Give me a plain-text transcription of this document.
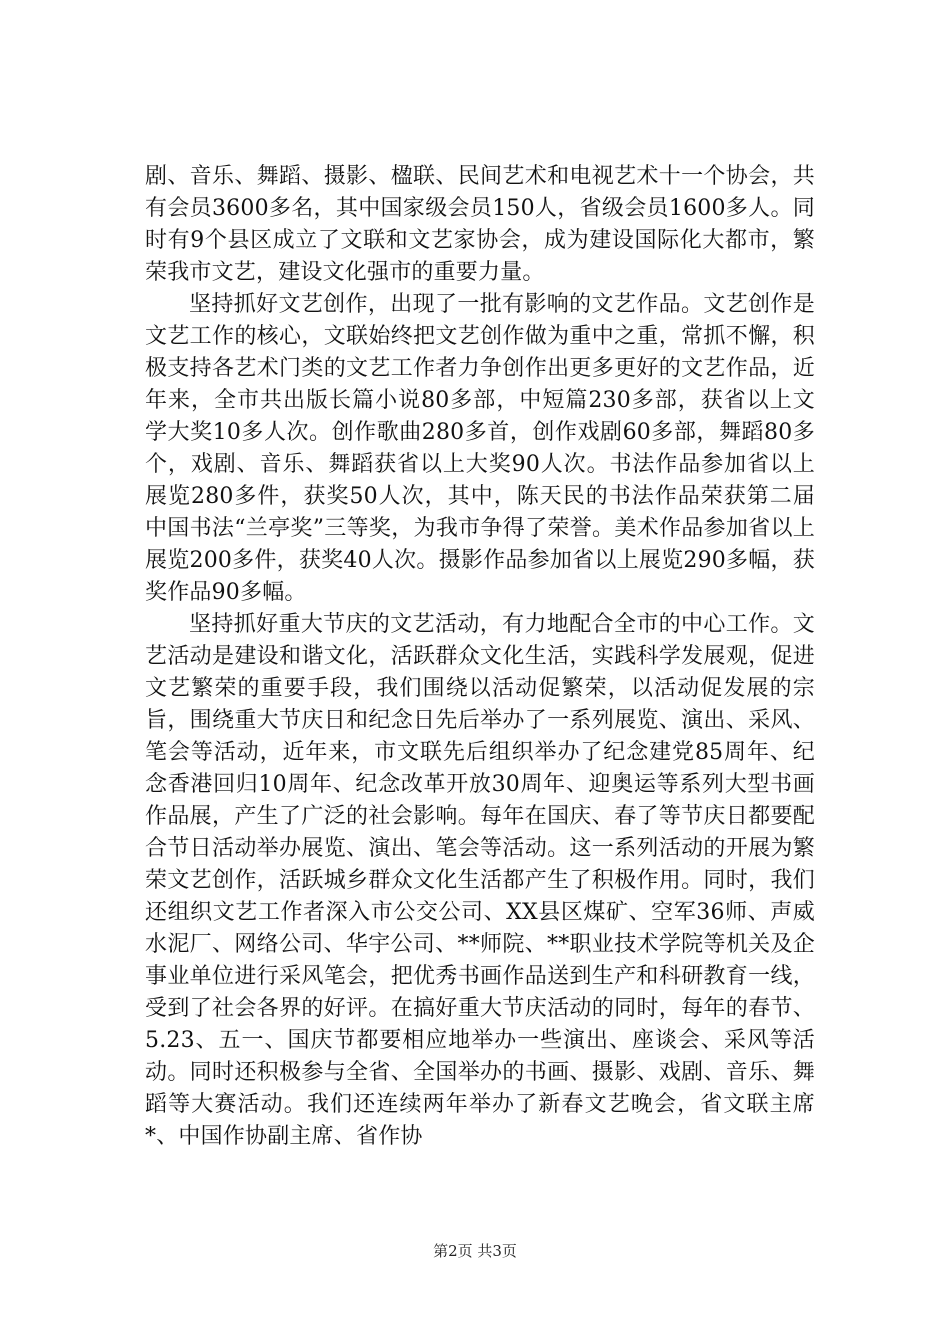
剧、音乐、舞蹈、摄影、楹联、民间艺术和电视艺术十一个协会，共有会员3600多名，其中国家级会员150人，省级会员1600多人。同时有9个县区成立了文联和文艺家协会，成为建设国际化大都市，繁荣我市文艺，建设文化强市的重要力量。

坚持抓好文艺创作，出现了一批有影响的文艺作品。文艺创作是文艺工作的核心，文联始终把文艺创作做为重中之重，常抓不懈，积极支持各艺术门类的文艺工作者力争创作出更多更好的文艺作品，近年来，全市共出版长篇小说80多部，中短篇230多部，获省以上文学大奖10多人次。创作歌曲280多首，创作戏剧60多部，舞蹈80多个，戏剧、音乐、舞蹈获省以上大奖90人次。书法作品参加省以上展览280多件，获奖50人次，其中，陈天民的书法作品荣获第二届中国书法“兰亭奖”三等奖，为我市争得了荣誉。美术作品参加省以上展览200多件，获奖40人次。摄影作品参加省以上展览290多幅，获奖作品90多幅。

坚持抓好重大节庆的文艺活动，有力地配合全市的中心工作。文艺活动是建设和谐文化，活跃群众文化生活，实践科学发展观，促进文艺繁荣的重要手段，我们围绕以活动促繁荣，以活动促发展的宗旨，围绕重大节庆日和纪念日先后举办了一系列展览、演出、采风、笔会等活动，近年来，市文联先后组织举办了纪念建党85周年、纪念香港回归10周年、纪念改革开放30周年、迎奥运等系列大型书画作品展，产生了广泛的社会影响。每年在国庆、春了等节庆日都要配合节日活动举办展览、演出、笔会等活动。这一系列活动的开展为繁荣文艺创作，活跃城乡群众文化生活都产生了积极作用。同时，我们还组织文艺工作者深入市公交公司、XX县区煤矿、空军36师、声威水泥厂、网络公司、华宇公司、**师院、**职业技术学院等机关及企事业单位进行采风笔会，把优秀书画作品送到生产和科研教育一线，受到了社会各界的好评。在搞好重大节庆活动的同时，每年的春节、5.23、五一、国庆节都要相应地举办一些演出、座谈会、采风等活动。同时还积极参与全省、全国举办的书画、摄影、戏剧、音乐、舞蹈等大赛活动。我们还连续两年举办了新春文艺晚会，省文联主席*、中国作协副主席、省作协

第2页 共3页
